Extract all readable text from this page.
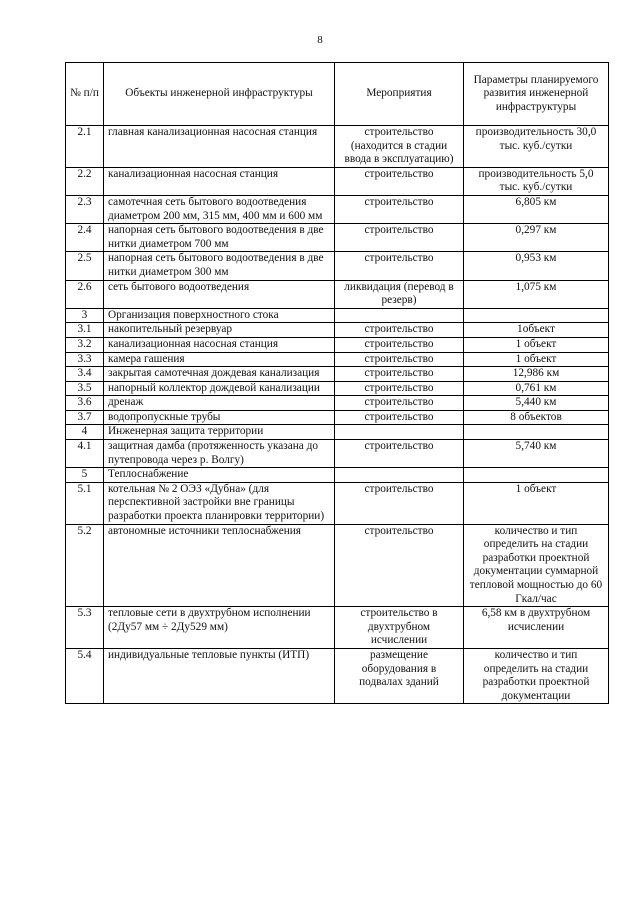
8
№ п/п	Объекты инженерной инфраструктуры	Мероприятия	Параметры планируемого развития инженерной инфраструктуры
2.1	главная канализационная насосная станция	строительство (находится в стадии ввода в эксплуатацию)	производительность 30,0 тыс. куб./сутки
2.2	канализационная насосная станция	строительство	производительность 5,0 тыс. куб./сутки
2.3	самотечная сеть бытового водоотведения диаметром 200 мм, 315 мм, 400 мм и 600 мм	строительство	6,805 км
2.4	напорная сеть бытового водоотведения в две нитки диаметром 700 мм	строительство	0,297 км
2.5	напорная сеть бытового водоотведения в две нитки диаметром 300 мм	строительство	0,953 км
2.6	сеть бытового водоотведения	ликвидация (перевод в резерв)	1,075 км
3	Организация поверхностного стока		
3.1	накопительный резервуар	строительство	1объект
3.2	канализационная насосная станция	строительство	1 объект
3.3	камера гашения	строительство	1 объект
3.4	закрытая самотечная дождевая канализация	строительство	12,986 км
3.5	напорный коллектор дождевой канализации	строительство	0,761 км
3.6	дренаж	строительство	5,440 км
3.7	водопропускные трубы	строительство	8 объектов
4	Инженерная защита территории		
4.1	защитная дамба (протяженность указана до путепровода через р. Волгу)	строительство	5,740 км
5	Теплоснабжение		
5.1	котельная № 2 ОЭЗ «Дубна» (для перспективной застройки вне границы разработки проекта планировки территории)	строительство	1 объект
5.2	автономные источники теплоснабжения	строительство	количество и тип определить на стадии разработки проектной документации суммарной тепловой мощностью до 60 Гкал/час
5.3	тепловые сети в двухтрубном исполнении (2Ду57 мм ÷ 2Ду529 мм)	строительство в двухтрубном исчислении	6,58 км в двухтрубном исчислении
5.4	индивидуальные тепловые пункты (ИТП)	размещение оборудования в подвалах зданий	количество и тип определить на стадии разработки проектной документации
